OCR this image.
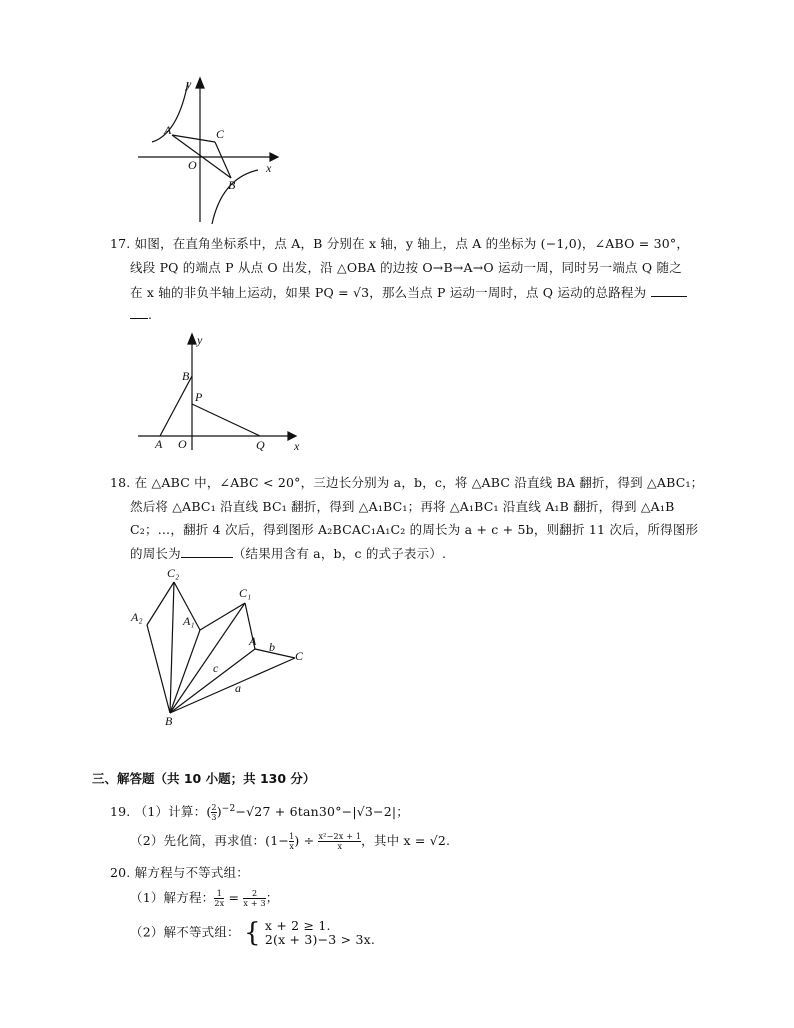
y
x
A	C
O
B
17. 如图，在直角坐标系中，点 A，B 分别在 x 轴，y 轴上，点 A 的坐标为 (−1,0)，∠ABO = 30°，
线段 PQ 的端点 P 从点 O 出发，沿 △OBA 的边按 O→B→A→O 运动一周，同时另一端点 Q 随之
在 x 轴的非负半轴上运动，如果 PQ = √3，那么当点 P 运动一周时，点 Q 运动的总路程为
.
y
B
P
A O	Q x
18. 在 △ABC 中，∠ABC < 20°，三边长分别为 a，b，c，将 △ABC 沿直线 BA 翻折，得到 △ABC₁；
然后将 △ABC₁ 沿直线 BC₁ 翻折，得到 △A₁BC₁；再将 △A₁BC₁ 沿直线 A₁B 翻折，得到 △A₁B
C₂；…，翻折 4 次后，得到图形 A₂BCAC₁A₁C₂ 的周长为 a + c + 5b，则翻折 11 次后，所得图形
的周长为	（结果用含有 a，b，c 的式子表示）.
C₂
A₂
C₁
A₁
A b
C
c
a
B
三、解答题（共 10 小题；共 130 分）
19. （1）计算：( $\frac{2}{3} )^{-2}-√27 + 6\tan 30^\circ-|√3-2|$；
（2）先化简，再求值：($1- \frac{1}{x}$ ) ÷ $\frac{\text{x²−2x + 1}}{x}$ ，其中 x = √2.
20. 解方程与不等式组：
（1）解方程： $\frac{1}{2x} = \frac{2}{x + 3}$ ；
（2）解不等式组： { x + 2 ≥ 1.
2(x + 3)−3 > 3x.
